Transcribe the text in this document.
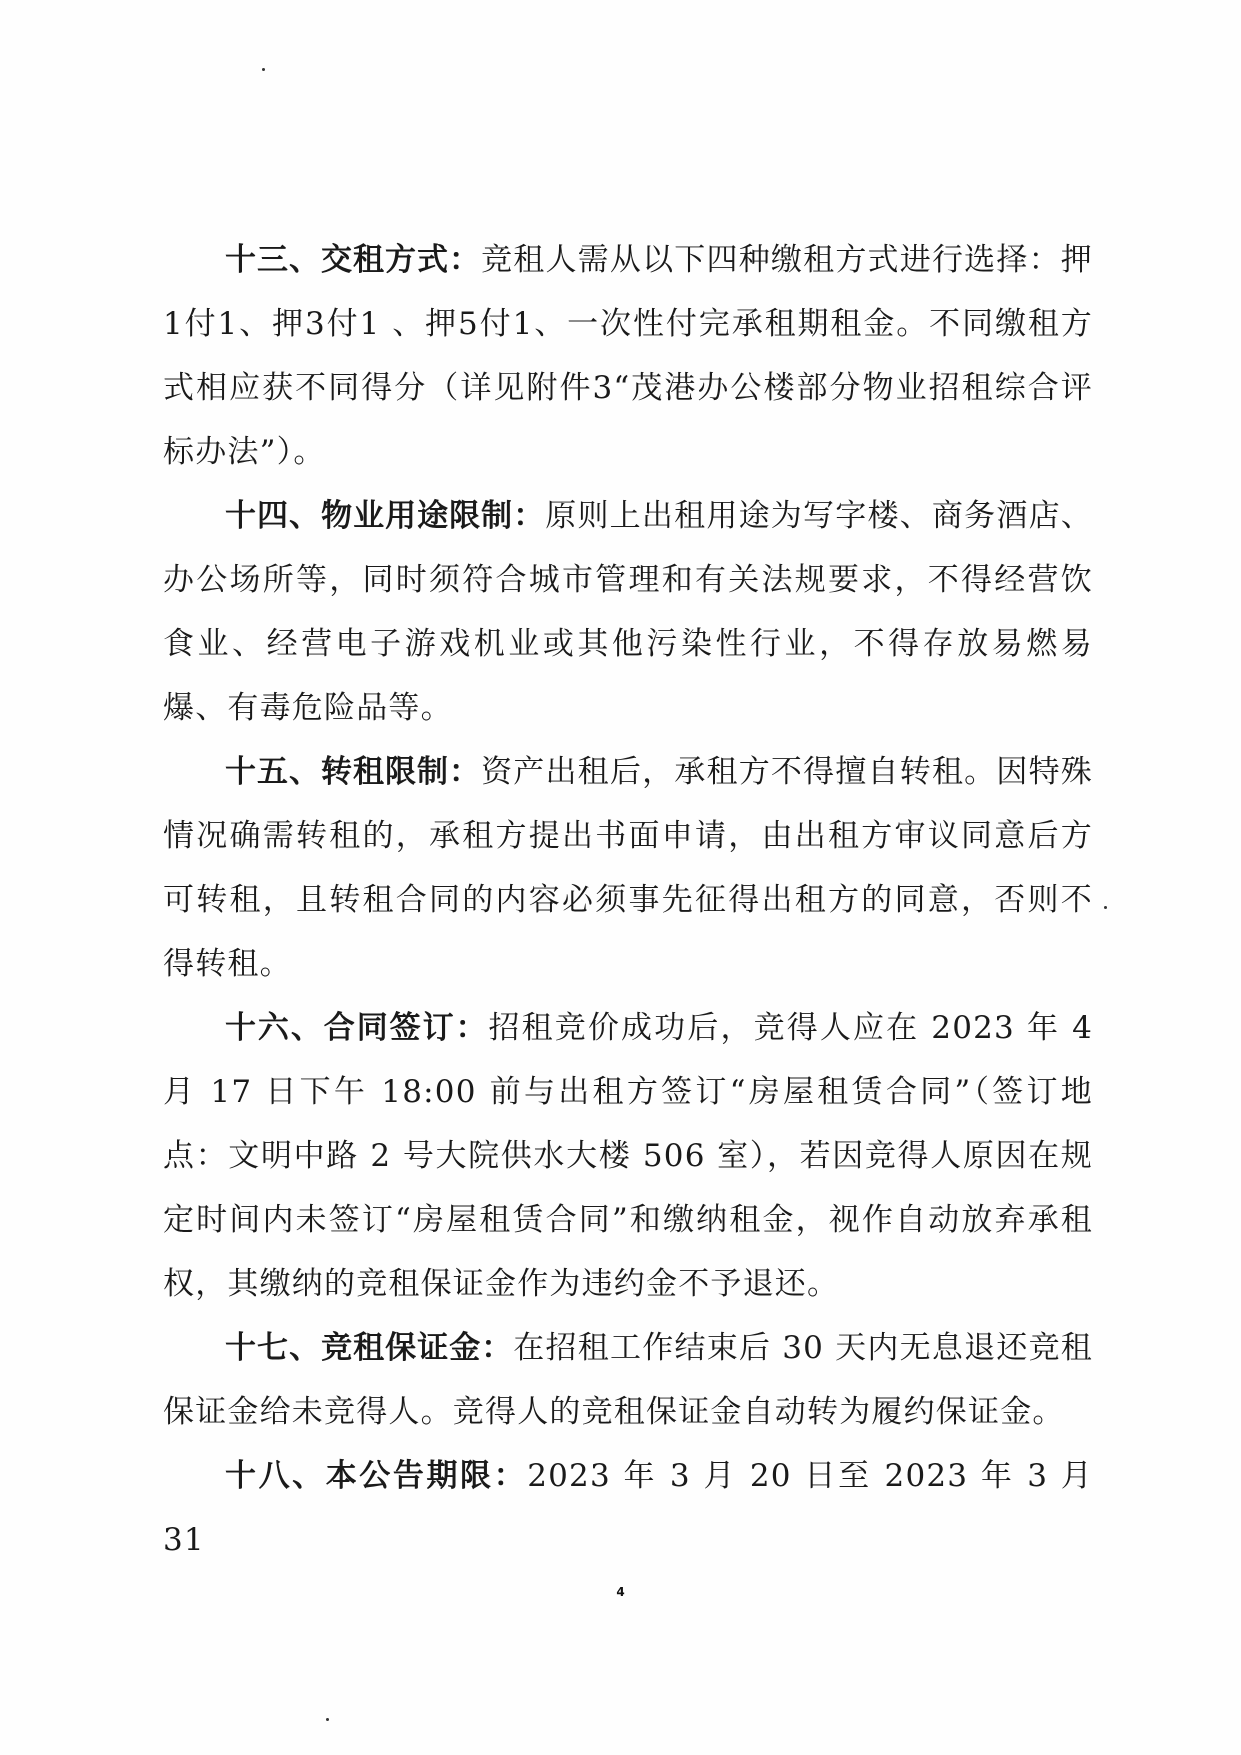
十三、交租方式：竞租人需从以下四种缴租方式进行选择：押1付1、押3付1 、押5付1、一次性付完承租期租金。不同缴租方式相应获不同得分（详见附件3“茂港办公楼部分物业招租综合评标办法”）。

十四、物业用途限制：原则上出租用途为写字楼、商务酒店、办公场所等，同时须符合城市管理和有关法规要求，不得经营饮食业、经营电子游戏机业或其他污染性行业，不得存放易燃易爆、有毒危险品等。

十五、转租限制：资产出租后，承租方不得擅自转租。因特殊情况确需转租的，承租方提出书面申请，由出租方审议同意后方可转租，且转租合同的内容必须事先征得出租方的同意，否则不得转租。

十六、合同签订：招租竞价成功后，竞得人应在 2023 年 4 月 17 日下午 18:00 前与出租方签订“房屋租赁合同”（签订地点：文明中路 2 号大院供水大楼 506 室），若因竞得人原因在规定时间内未签订“房屋租赁合同”和缴纳租金，视作自动放弃承租权，其缴纳的竞租保证金作为违约金不予退还。

十七、竞租保证金：在招租工作结束后 30 天内无息退还竞租保证金给未竞得人。竞得人的竞租保证金自动转为履约保证金。

十八、本公告期限：2023 年 3 月 20 日至 2023 年 3 月 31

4
